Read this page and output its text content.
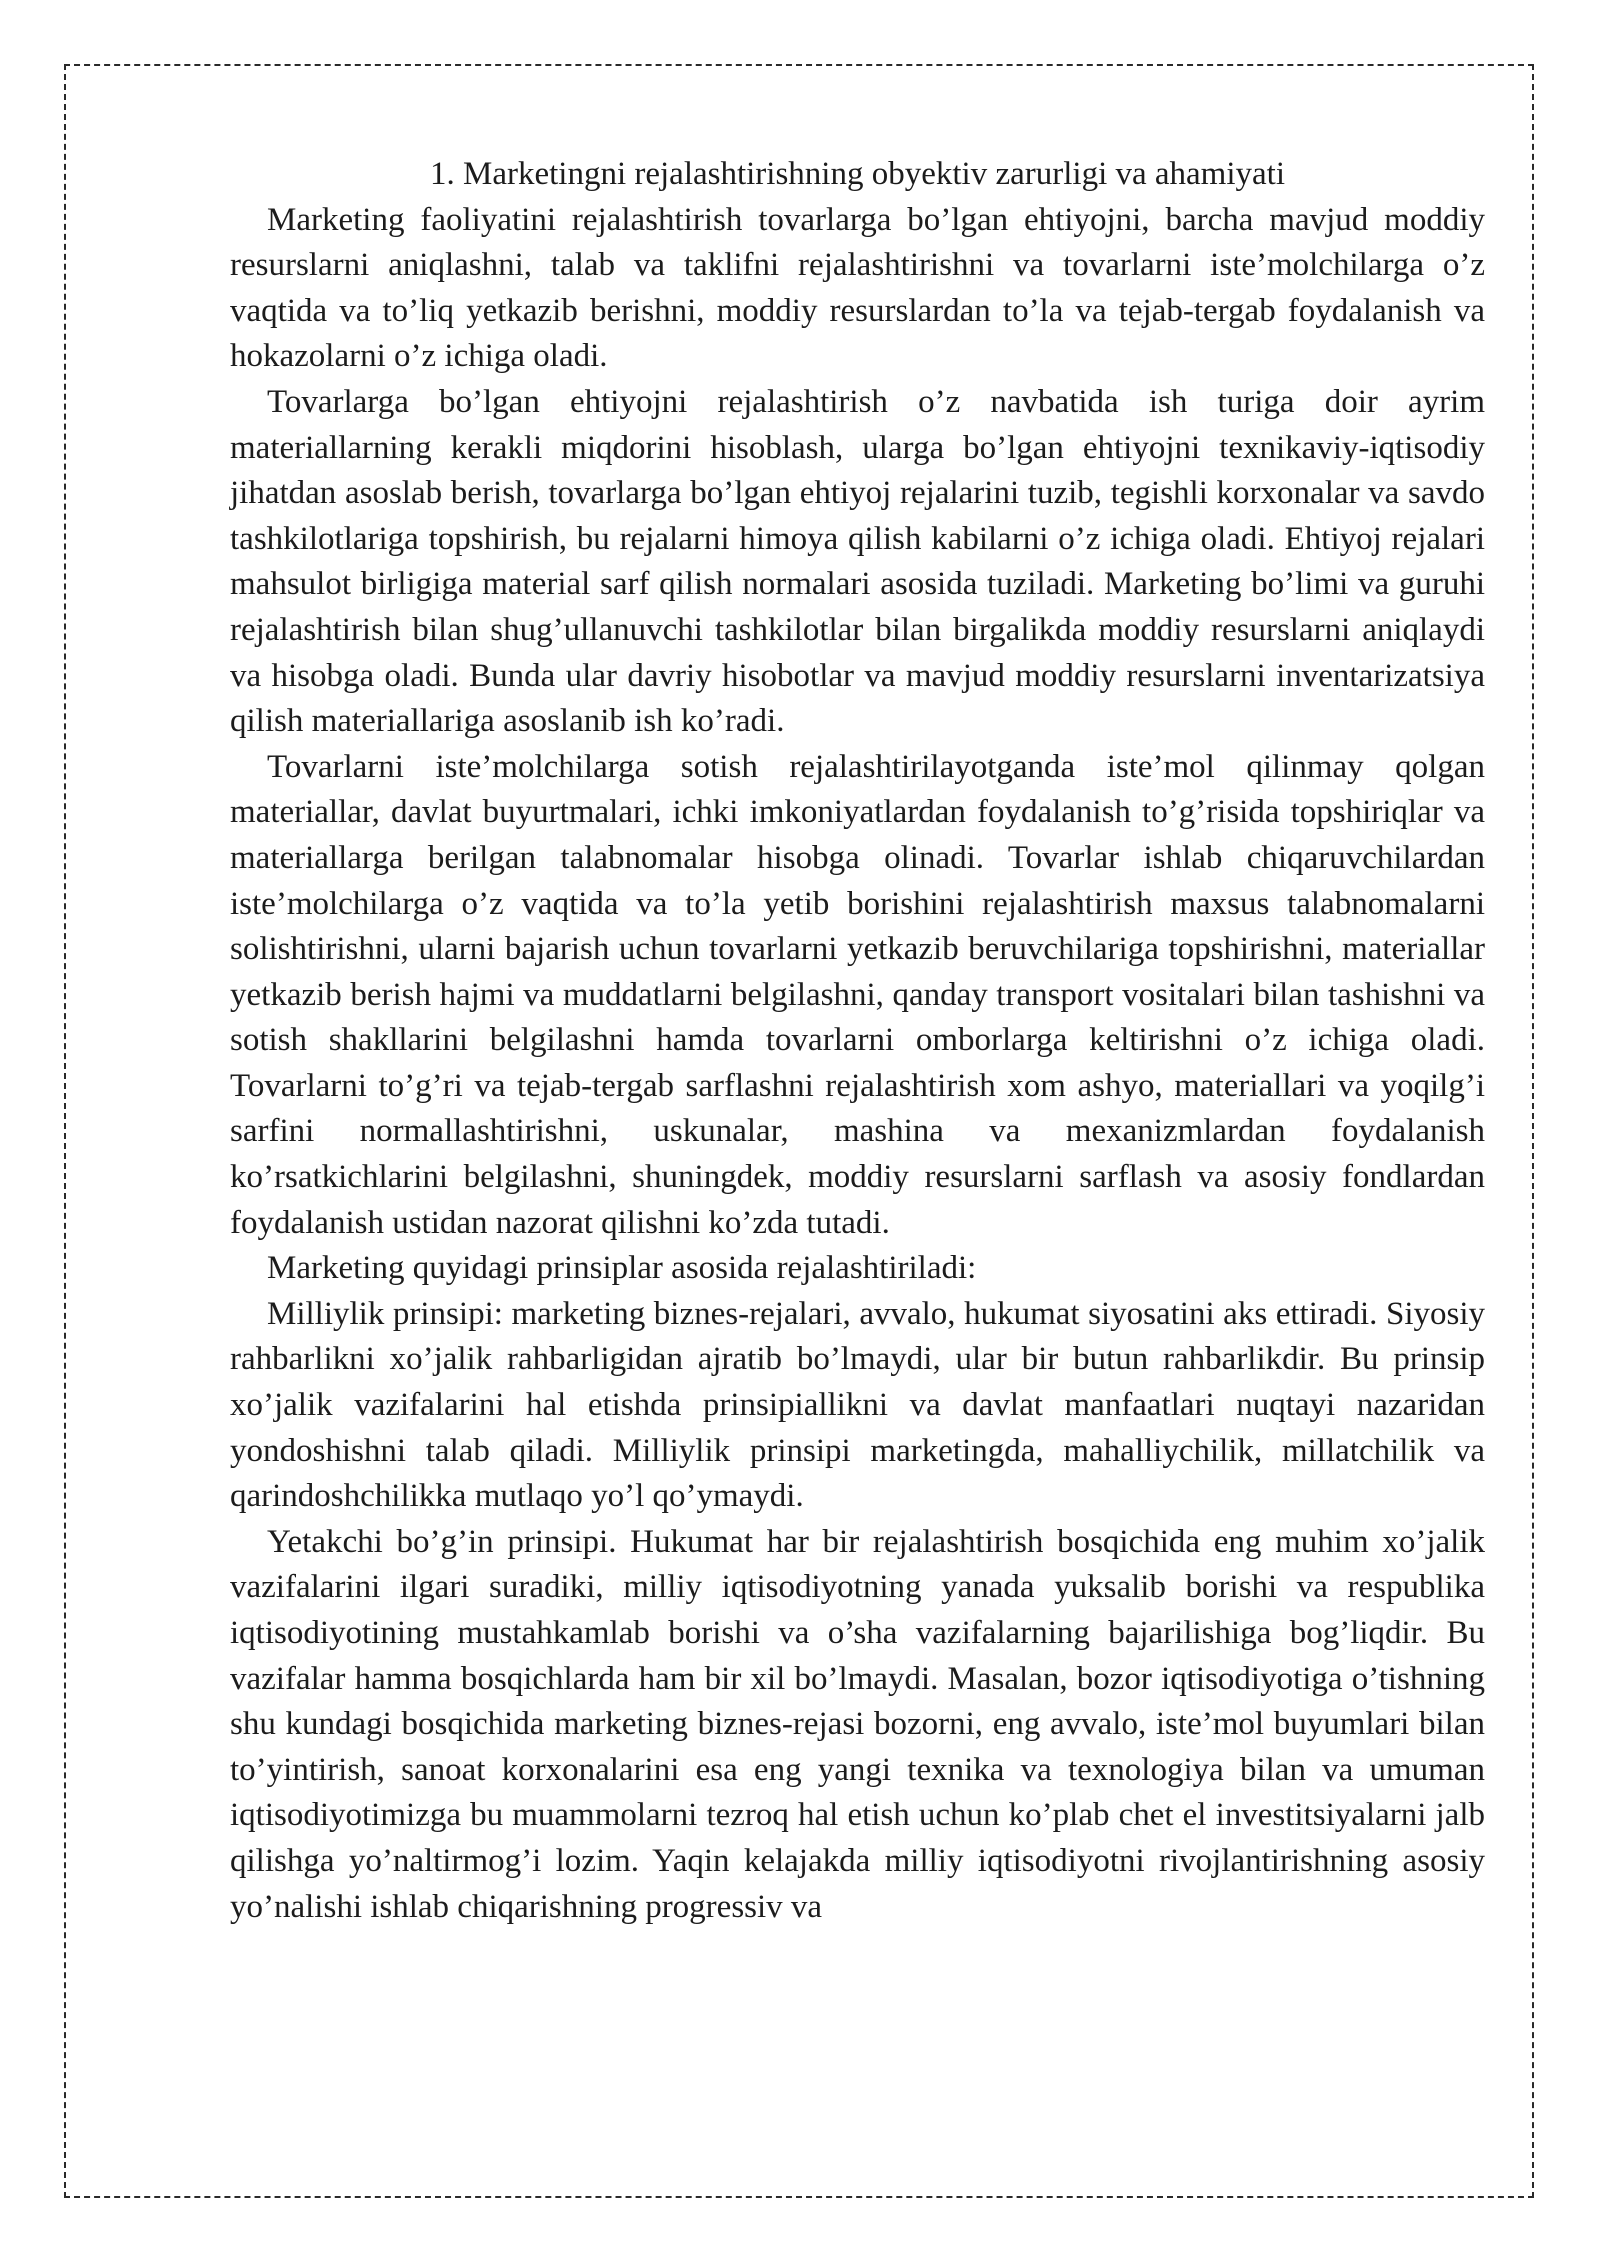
1. Marketingni rejalashtirishning obyektiv zarurligi va ahamiyati

Marketing faoliyatini rejalashtirish tovarlarga bo’lgan ehtiyojni, barcha mavjud moddiy resurslarni aniqlashni, talab va taklifni rejalashtirishni va tovarlarni iste’molchilarga o’z vaqtida va to’liq yetkazib berishni, moddiy resurslardan to’la va tejab-tergab foydalanish va hokazolarni o’z ichiga oladi.

Tovarlarga bo’lgan ehtiyojni rejalashtirish o’z navbatida ish turiga doir ayrim materiallarning kerakli miqdorini hisoblash, ularga bo’lgan ehtiyojni texnikaviy-iqtisodiy jihatdan asoslab berish, tovarlarga bo’lgan ehtiyoj rejalarini tuzib, tegishli korxonalar va savdo tashkilotlariga topshirish, bu rejalarni himoya qilish kabilarni o’z ichiga oladi. Ehtiyoj rejalari mahsulot birligiga material sarf qilish normalari asosida tuziladi. Marketing bo’limi va guruhi rejalashtirish bilan shug’ullanuvchi tashkilotlar bilan birgalikda moddiy resurslarni aniqlaydi va hisobga oladi. Bunda ular davriy hisobotlar va mavjud moddiy resurslarni inventarizatsiya qilish materiallariga asoslanib ish ko’radi.

Tovarlarni iste’molchilarga sotish rejalashtirilayotganda iste’mol qilinmay qolgan materiallar, davlat buyurtmalari, ichki imkoniyatlardan foydalanish to’g’risida topshiriqlar va materiallarga berilgan talabnomalar hisobga olinadi. Tovarlar ishlab chiqaruvchilardan iste’molchilarga o’z vaqtida va to’la yetib borishini rejalashtirish maxsus talabnomalarni solishtirishni, ularni bajarish uchun tovarlarni yetkazib beruvchilariga topshirishni, materiallar yetkazib berish hajmi va muddatlarni belgilashni, qanday transport vositalari bilan tashishni va sotish shakllarini belgilashni hamda tovarlarni omborlarga keltirishni o’z ichiga oladi. Tovarlarni to’g’ri va tejab-tergab sarflashni rejalashtirish xom ashyo, materiallari va yoqilg’i sarfini normallashtirishni, uskunalar, mashina va mexanizmlardan foydalanish ko’rsatkichlarini belgilashni, shuningdek, moddiy resurslarni sarflash va asosiy fondlardan foydalanish ustidan nazorat qilishni ko’zda tutadi.

Marketing quyidagi prinsiplar asosida rejalashtiriladi:

Milliylik prinsipi: marketing biznes-rejalari, avvalo, hukumat siyosatini aks ettiradi. Siyosiy rahbarlikni xo’jalik rahbarligidan ajratib bo’lmaydi, ular bir butun rahbarlikdir. Bu prinsip xo’jalik vazifalarini hal etishda prinsipiallikni va davlat manfaatlari nuqtayi nazaridan yondoshishni talab qiladi. Milliylik prinsipi marketingda, mahalliychilik, millatchilik va qarindoshchilikka mutlaqo yo’l qo’ymaydi.

Yetakchi bo’g’in prinsipi. Hukumat har bir rejalashtirish bosqichida eng muhim xo’jalik vazifalarini ilgari suradiki, milliy iqtisodiyotning yanada yuksalib borishi va respublika iqtisodiyotining mustahkamlab borishi va o’sha vazifalarning bajarilishiga bog’liqdir. Bu vazifalar hamma bosqichlarda ham bir xil bo’lmaydi. Masalan, bozor iqtisodiyotiga o’tishning shu kundagi bosqichida marketing biznes-rejasi bozorni, eng avvalo, iste’mol buyumlari bilan to’yintirish, sanoat korxonalarini esa eng yangi texnika va texnologiya bilan va umuman iqtisodiyotimizga bu muammolarni tezroq hal etish uchun ko’plab chet el investitsiyalarni jalb qilishga yo’naltirmog’i lozim. Yaqin kelajakda milliy iqtisodiyotni rivojlantirishning asosiy yo’nalishi ishlab chiqarishning progressiv va
